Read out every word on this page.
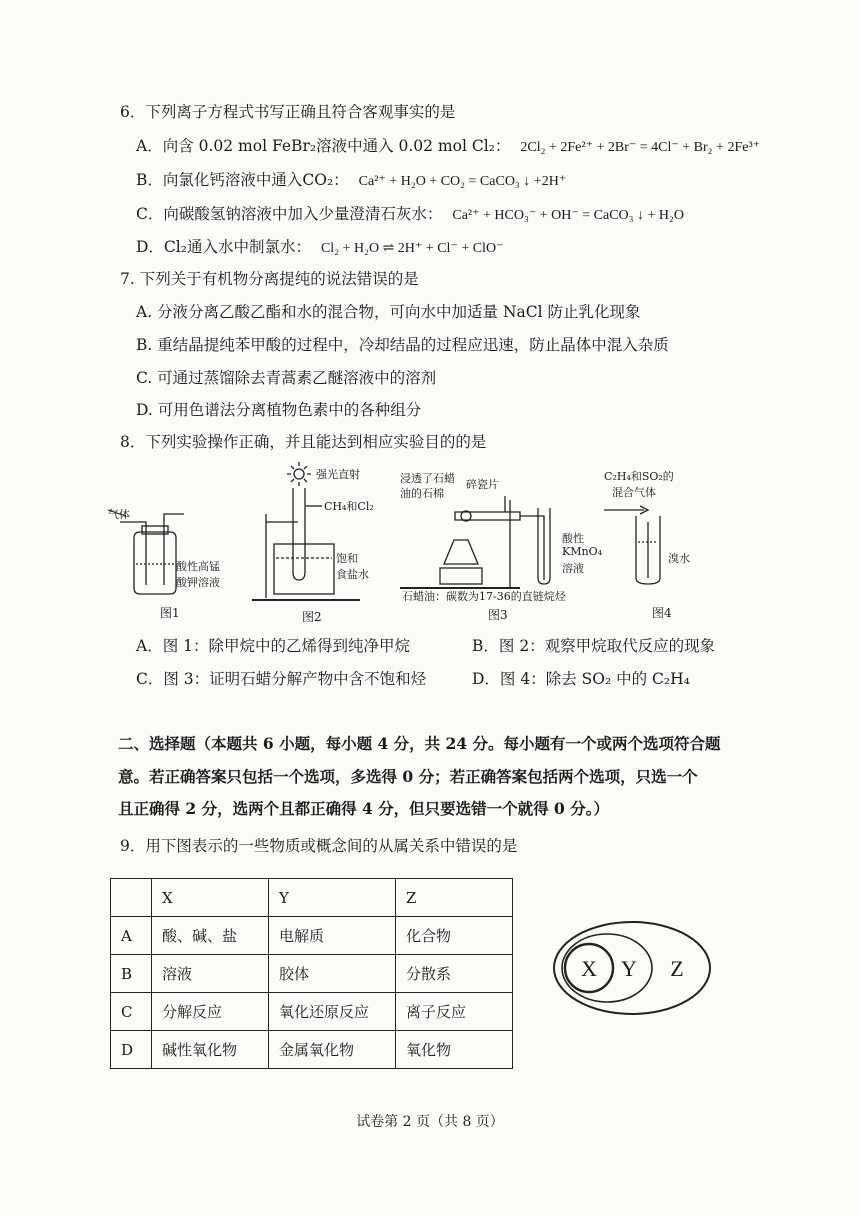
6．下列离子方程式书写正确且符合客观事实的是
A．向含 0.02 mol FeBr₂溶液中通入 0.02 mol Cl₂： 2Cl₂ + 2Fe²⁺ + 2Br⁻ = 4Cl⁻ + Br₂ + 2Fe³⁺
B．向氯化钙溶液中通入CO₂： Ca²⁺ + H₂O + CO₂ = CaCO₃ ↓ +2H⁺
C．向碳酸氢钠溶液中加入少量澄清石灰水： Ca²⁺ + HCO₃⁻ + OH⁻ = CaCO₃ ↓ + H₂O
D．Cl₂通入水中制氯水： Cl₂ + H₂O ⇌ 2H⁺ + Cl⁻ + ClO⁻
7. 下列关于有机物分离提纯的说法错误的是
A. 分液分离乙酸乙酯和水的混合物，可向水中加适量 NaCl 防止乳化现象
B. 重结晶提纯苯甲酸的过程中，冷却结晶的过程应迅速，防止晶体中混入杂质
C. 可通过蒸馏除去青蒿素乙醚溶液中的溶剂
D. 可用色谱法分离植物色素中的各种组分
8．下列实验操作正确，并且能达到相应实验目的的是
气体
酸性高锰
酸钾溶液
图1
强光直射
CH₄和Cl₂
饱和
食盐水
图2
浸透了石蜡
油的石棉
碎瓷片
酸性
KMnO₄
溶液
石蜡油：碳数为17-36的直链烷烃
图3
C₂H₄和SO₂的
混合气体
溴水
图4
A．图 1：除甲烷中的乙烯得到纯净甲烷	B．图 2：观察甲烷取代反应的现象
C．图 3：证明石蜡分解产物中含不饱和烃	D．图 4：除去 SO₂ 中的 C₂H₄
二、选择题（本题共 6 小题，每小题 4 分，共 24 分。每小题有一个或两个选项符合题
意。若正确答案只包括一个选项，多选得 0 分；若正确答案包括两个选项，只选一个
且正确得 2 分，选两个且都正确得 4 分，但只要选错一个就得 0 分。）
9．用下图表示的一些物质或概念间的从属关系中错误的是
	X	Y	Z
A	酸、碱、盐	电解质	化合物
B	溶液	胶体	分散系
C	分解反应	氧化还原反应	离子反应
D	碱性氧化物	金属氧化物	氧化物
X Y Z
试卷第 2 页（共 8 页）
